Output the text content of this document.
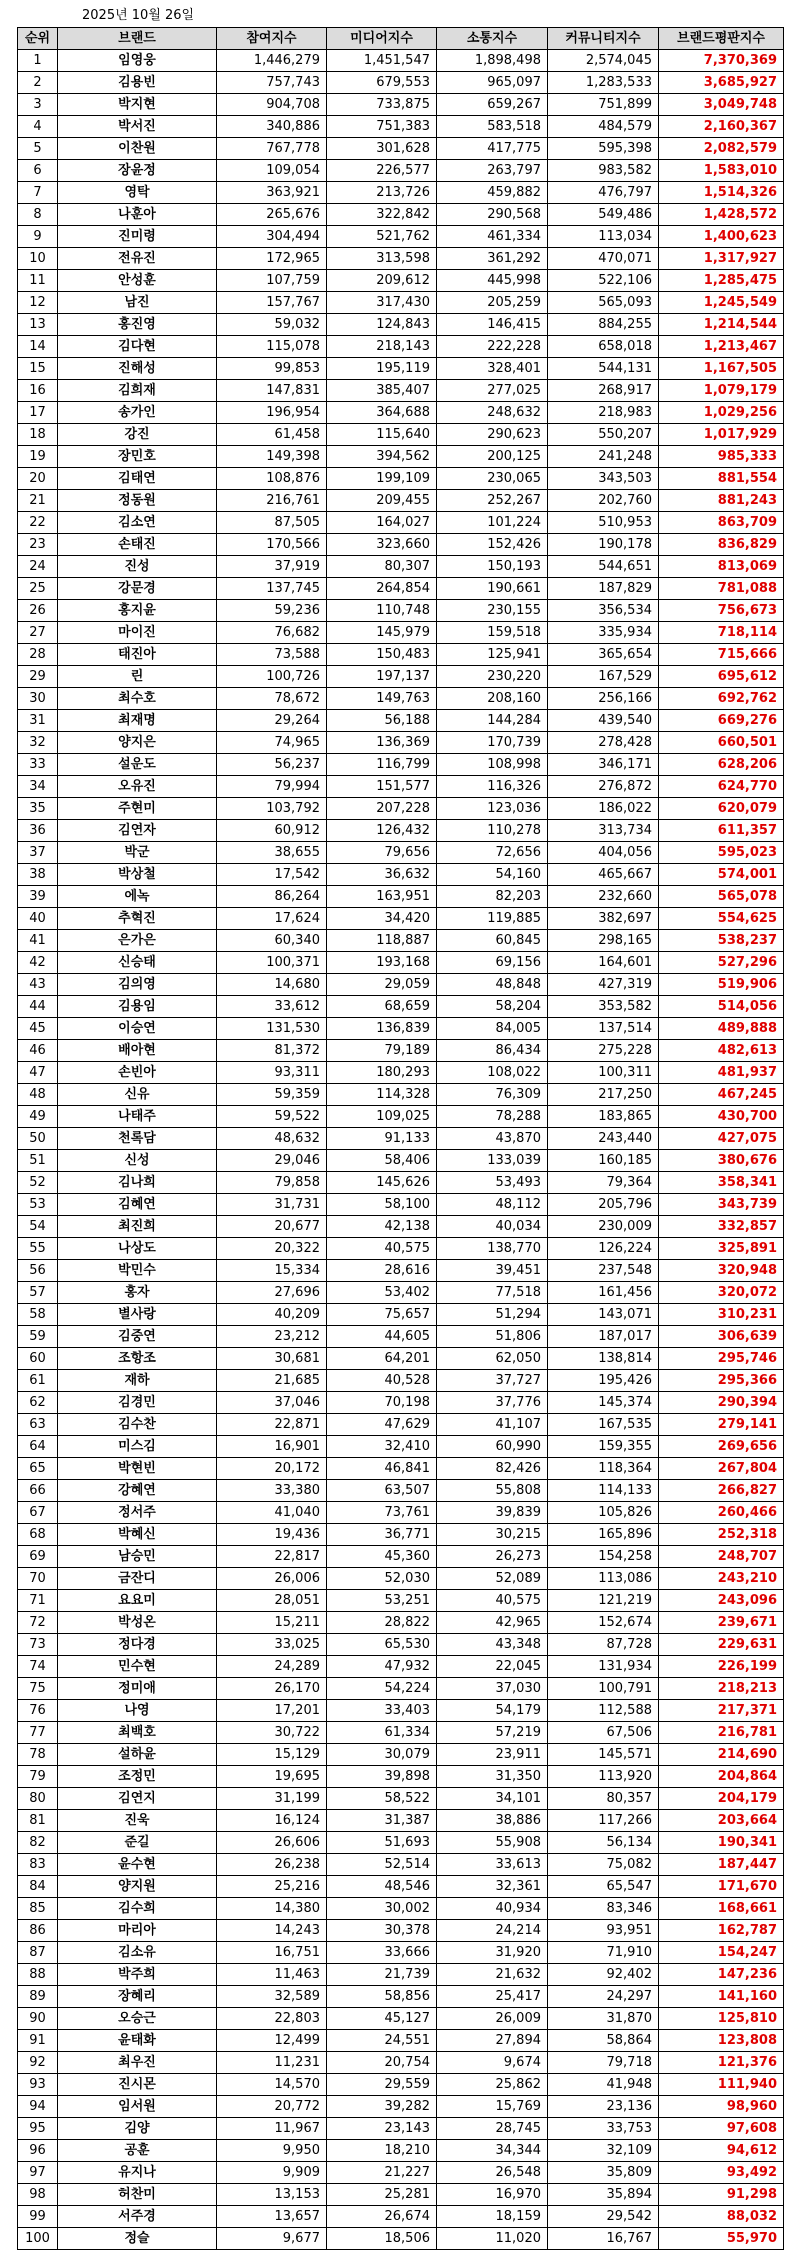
2025년 10월 26일
순위	브랜드	참여지수	미디어지수	소통지수	커뮤니티지수	브랜드평판지수
1	임영웅	1,446,279	1,451,547	1,898,498	2,574,045	7,370,369
2	김용빈	757,743	679,553	965,097	1,283,533	3,685,927
3	박지현	904,708	733,875	659,267	751,899	3,049,748
4	박서진	340,886	751,383	583,518	484,579	2,160,367
5	이찬원	767,778	301,628	417,775	595,398	2,082,579
6	장윤정	109,054	226,577	263,797	983,582	1,583,010
7	영탁	363,921	213,726	459,882	476,797	1,514,326
8	나훈아	265,676	322,842	290,568	549,486	1,428,572
9	진미령	304,494	521,762	461,334	113,034	1,400,623
10	전유진	172,965	313,598	361,292	470,071	1,317,927
11	안성훈	107,759	209,612	445,998	522,106	1,285,475
12	남진	157,767	317,430	205,259	565,093	1,245,549
13	홍진영	59,032	124,843	146,415	884,255	1,214,544
14	김다현	115,078	218,143	222,228	658,018	1,213,467
15	진해성	99,853	195,119	328,401	544,131	1,167,505
16	김희재	147,831	385,407	277,025	268,917	1,079,179
17	송가인	196,954	364,688	248,632	218,983	1,029,256
18	강진	61,458	115,640	290,623	550,207	1,017,929
19	장민호	149,398	394,562	200,125	241,248	985,333
20	김태연	108,876	199,109	230,065	343,503	881,554
21	정동원	216,761	209,455	252,267	202,760	881,243
22	김소연	87,505	164,027	101,224	510,953	863,709
23	손태진	170,566	323,660	152,426	190,178	836,829
24	진성	37,919	80,307	150,193	544,651	813,069
25	강문경	137,745	264,854	190,661	187,829	781,088
26	홍지윤	59,236	110,748	230,155	356,534	756,673
27	마이진	76,682	145,979	159,518	335,934	718,114
28	태진아	73,588	150,483	125,941	365,654	715,666
29	린	100,726	197,137	230,220	167,529	695,612
30	최수호	78,672	149,763	208,160	256,166	692,762
31	최재명	29,264	56,188	144,284	439,540	669,276
32	양지은	74,965	136,369	170,739	278,428	660,501
33	설운도	56,237	116,799	108,998	346,171	628,206
34	오유진	79,994	151,577	116,326	276,872	624,770
35	주현미	103,792	207,228	123,036	186,022	620,079
36	김연자	60,912	126,432	110,278	313,734	611,357
37	박군	38,655	79,656	72,656	404,056	595,023
38	박상철	17,542	36,632	54,160	465,667	574,001
39	에녹	86,264	163,951	82,203	232,660	565,078
40	추혁진	17,624	34,420	119,885	382,697	554,625
41	은가은	60,340	118,887	60,845	298,165	538,237
42	신승태	100,371	193,168	69,156	164,601	527,296
43	김의영	14,680	29,059	48,848	427,319	519,906
44	김용임	33,612	68,659	58,204	353,582	514,056
45	이승연	131,530	136,839	84,005	137,514	489,888
46	배아현	81,372	79,189	86,434	275,228	482,613
47	손빈아	93,311	180,293	108,022	100,311	481,937
48	신유	59,359	114,328	76,309	217,250	467,245
49	나태주	59,522	109,025	78,288	183,865	430,700
50	천록담	48,632	91,133	43,870	243,440	427,075
51	신성	29,046	58,406	133,039	160,185	380,676
52	김나희	79,858	145,626	53,493	79,364	358,341
53	김혜연	31,731	58,100	48,112	205,796	343,739
54	최진희	20,677	42,138	40,034	230,009	332,857
55	나상도	20,322	40,575	138,770	126,224	325,891
56	박민수	15,334	28,616	39,451	237,548	320,948
57	홍자	27,696	53,402	77,518	161,456	320,072
58	별사랑	40,209	75,657	51,294	143,071	310,231
59	김중연	23,212	44,605	51,806	187,017	306,639
60	조항조	30,681	64,201	62,050	138,814	295,746
61	재하	21,685	40,528	37,727	195,426	295,366
62	김경민	37,046	70,198	37,776	145,374	290,394
63	김수찬	22,871	47,629	41,107	167,535	279,141
64	미스김	16,901	32,410	60,990	159,355	269,656
65	박현빈	20,172	46,841	82,426	118,364	267,804
66	강혜연	33,380	63,507	55,808	114,133	266,827
67	정서주	41,040	73,761	39,839	105,826	260,466
68	박혜신	19,436	36,771	30,215	165,896	252,318
69	남승민	22,817	45,360	26,273	154,258	248,707
70	금잔디	26,006	52,030	52,089	113,086	243,210
71	요요미	28,051	53,251	40,575	121,219	243,096
72	박성온	15,211	28,822	42,965	152,674	239,671
73	정다경	33,025	65,530	43,348	87,728	229,631
74	민수현	24,289	47,932	22,045	131,934	226,199
75	정미애	26,170	54,224	37,030	100,791	218,213
76	나영	17,201	33,403	54,179	112,588	217,371
77	최백호	30,722	61,334	57,219	67,506	216,781
78	설하윤	15,129	30,079	23,911	145,571	214,690
79	조정민	19,695	39,898	31,350	113,920	204,864
80	김연지	31,199	58,522	34,101	80,357	204,179
81	진욱	16,124	31,387	38,886	117,266	203,664
82	준길	26,606	51,693	55,908	56,134	190,341
83	윤수현	26,238	52,514	33,613	75,082	187,447
84	양지원	25,216	48,546	32,361	65,547	171,670
85	김수희	14,380	30,002	40,934	83,346	168,661
86	마리아	14,243	30,378	24,214	93,951	162,787
87	김소유	16,751	33,666	31,920	71,910	154,247
88	박주희	11,463	21,739	21,632	92,402	147,236
89	장혜리	32,589	58,856	25,417	24,297	141,160
90	오승근	22,803	45,127	26,009	31,870	125,810
91	윤태화	12,499	24,551	27,894	58,864	123,808
92	최우진	11,231	20,754	9,674	79,718	121,376
93	진시몬	14,570	29,559	25,862	41,948	111,940
94	임서원	20,772	39,282	15,769	23,136	98,960
95	김양	11,967	23,143	28,745	33,753	97,608
96	공훈	9,950	18,210	34,344	32,109	94,612
97	유지나	9,909	21,227	26,548	35,809	93,492
98	허찬미	13,153	25,281	16,970	35,894	91,298
99	서주경	13,657	26,674	18,159	29,542	88,032
100	정슬	9,677	18,506	11,020	16,767	55,970
